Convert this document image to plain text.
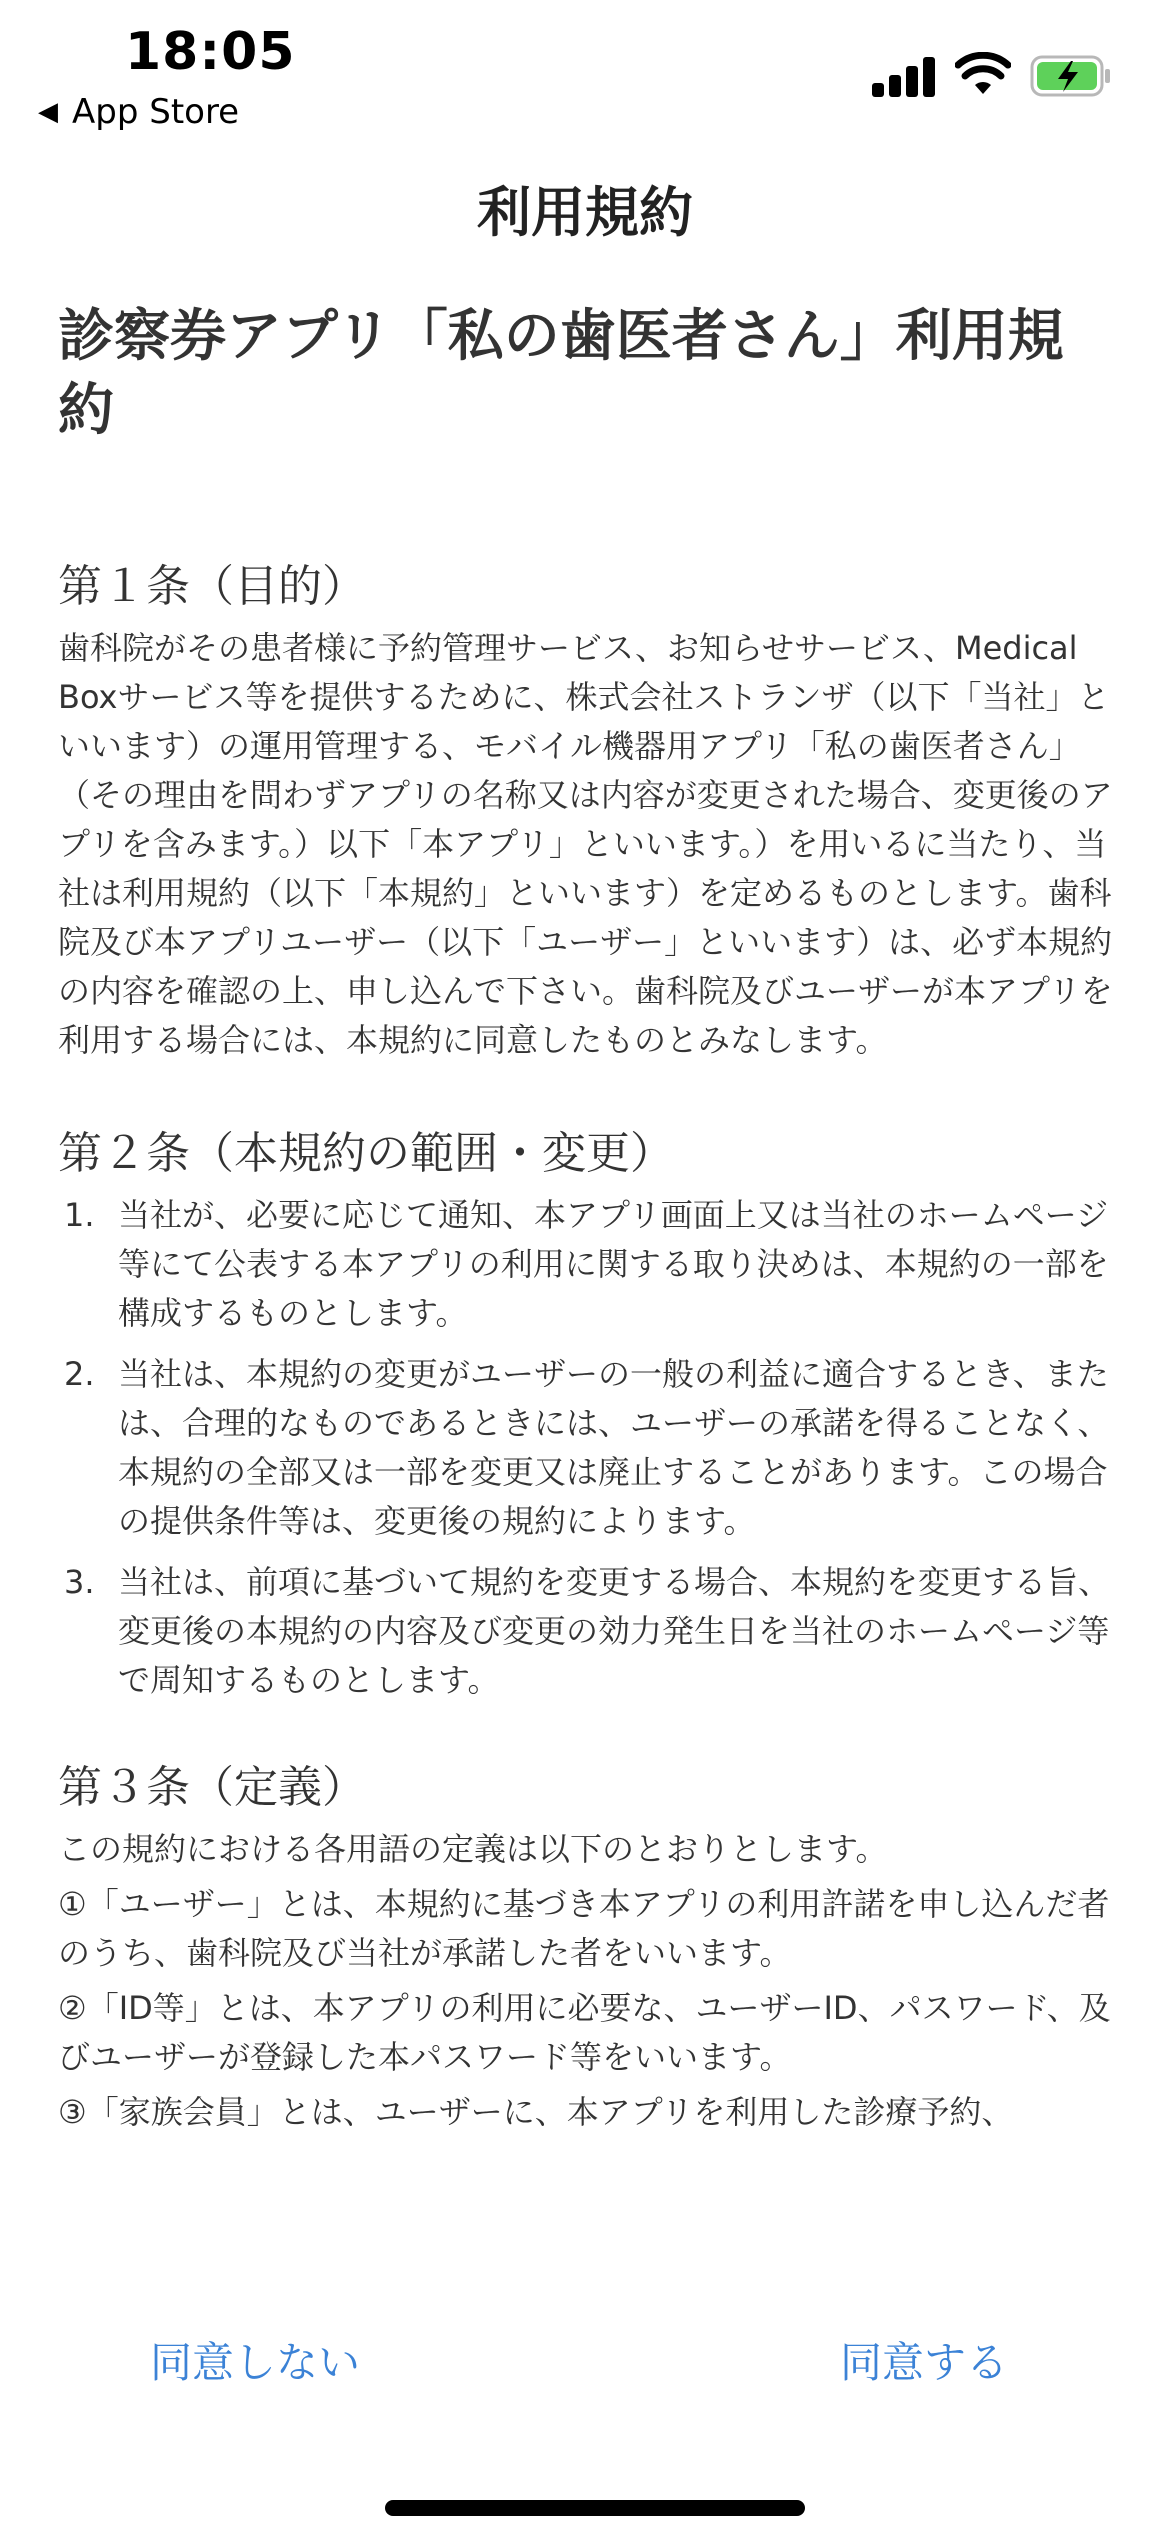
18:05
◀ App Store
利用規約
診察券アプリ「私の歯医者さん」利用規約
第１条（目的）
歯科院がその患者様に予約管理サービス、お知らせサービス、Medical Boxサービス等を提供するために、株式会社ストランザ（以下「当社」といいます）の運用管理する、モバイル機器用アプリ「私の歯医者さん」（その理由を問わずアプリの名称又は内容が変更された場合、変更後のアプリを含みます。）以下「本アプリ」といいます。）を用いるに当たり、当社は利用規約（以下「本規約」といいます）を定めるものとします。歯科院及び本アプリユーザー（以下「ユーザー」といいます）は、必ず本規約の内容を確認の上、申し込んで下さい。歯科院及びユーザーが本アプリを利用する場合には、本規約に同意したものとみなします。
第２条（本規約の範囲・変更）
1. 当社が、必要に応じて通知、本アプリ画面上又は当社のホームページ等にて公表する本アプリの利用に関する取り決めは、本規約の一部を構成するものとします。
2. 当社は、本規約の変更がユーザーの一般の利益に適合するとき、または、合理的なものであるときには、ユーザーの承諾を得ることなく、本規約の全部又は一部を変更又は廃止することがあります。この場合の提供条件等は、変更後の規約によります。
3. 当社は、前項に基づいて規約を変更する場合、本規約を変更する旨、変更後の本規約の内容及び変更の効力発生日を当社のホームページ等で周知するものとします。
第３条（定義）
この規約における各用語の定義は以下のとおりとします。
①「ユーザー」とは、本規約に基づき本アプリの利用許諾を申し込んだ者のうち、歯科院及び当社が承諾した者をいいます。
②「ID等」とは、本アプリの利用に必要な、ユーザーID、パスワード、及びユーザーが登録した本パスワード等をいいます。
③「家族会員」とは、ユーザーに、本アプリを利用した診療予約、
同意しない	同意する
